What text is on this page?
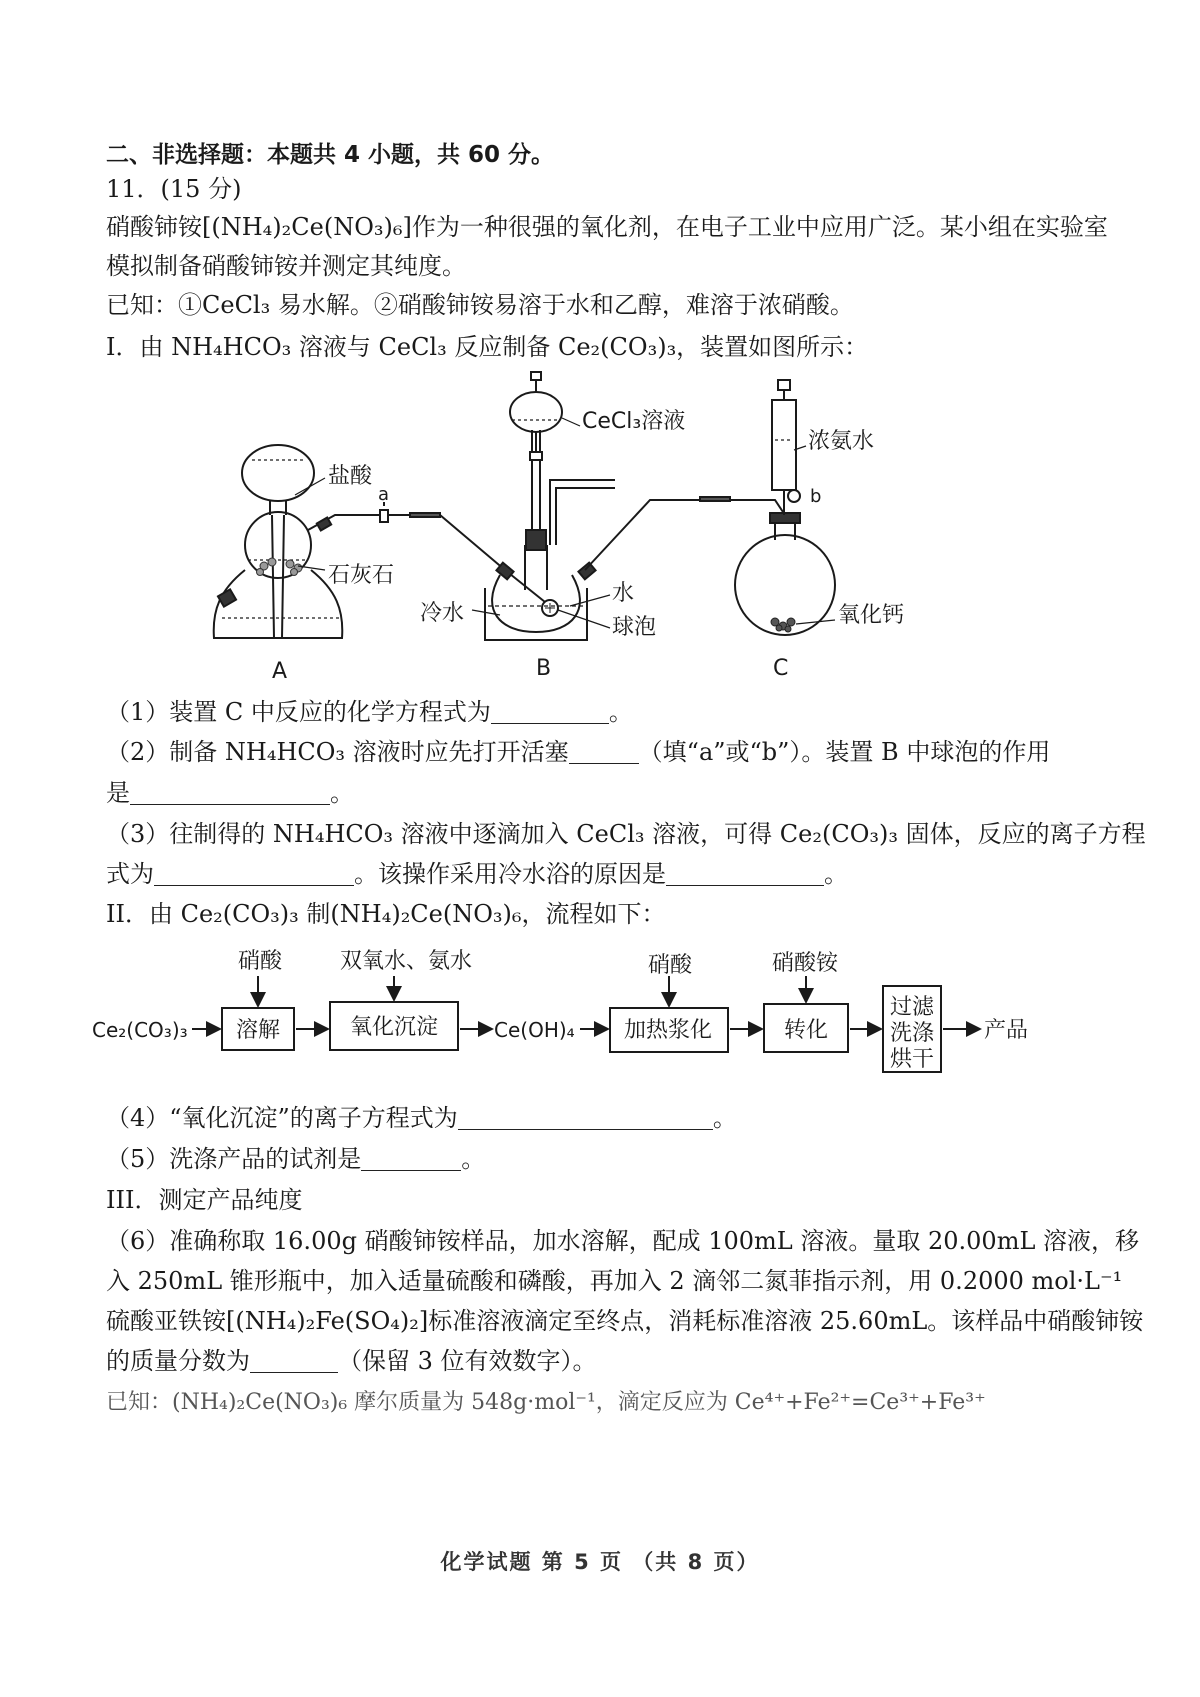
二、非选择题：本题共 4 小题，共 60 分。
11．(15 分)
硝酸铈铵[(NH₄)₂Ce(NO₃)₆]作为一种很强的氧化剂，在电子工业中应用广泛。某小组在实验室
模拟制备硝酸铈铵并测定其纯度。
已知：①CeCl₃ 易水解。②硝酸铈铵易溶于水和乙醇，难溶于浓硝酸。
I．由 NH₄HCO₃ 溶液与 CeCl₃ 反应制备 Ce₂(CO₃)₃，装置如图所示：
盐酸
a
石灰石
CeCl₃溶液
冷水
水
球泡
浓氨水
b
氧化钙
A	B	C
（1）装置 C 中反应的化学方程式为	。
（2）制备 NH₄HCO₃ 溶液时应先打开活塞	（填“a”或“b”）。装置 B 中球泡的作用
是	。
（3）往制得的 NH₄HCO₃ 溶液中逐滴加入 CeCl₃ 溶液，可得 Ce₂(CO₃)₃ 固体，反应的离子方程
式为	。该操作采用冷水浴的原因是	。
II．由 Ce₂(CO₃)₃ 制(NH₄)₂Ce(NO₃)₆，流程如下：
Ce₂(CO₃)₃
硝酸
溶解
双氧水、氨水
氧化沉淀	Ce(OH)₄
硝酸
加热浆化
硝酸铵
转化
过滤
洗涤
烘干
产品
（4）“氧化沉淀”的离子方程式为	。
（5）洗涤产品的试剂是	。
III．测定产品纯度
（6）准确称取 16.00g 硝酸铈铵样品，加水溶解，配成 100mL 溶液。量取 20.00mL 溶液，移
入 250mL 锥形瓶中，加入适量硫酸和磷酸，再加入 2 滴邻二氮菲指示剂，用 0.2000 mol·L⁻¹
硫酸亚铁铵[(NH₄)₂Fe(SO₄)₂]标准溶液滴定至终点，消耗标准溶液 25.60mL。该样品中硝酸铈铵
的质量分数为	（保留 3 位有效数字）。
已知：(NH₄)₂Ce(NO₃)₆ 摩尔质量为 548g·mol⁻¹，滴定反应为 Ce⁴⁺+Fe²⁺=Ce³⁺+Fe³⁺
化学试题 第 5 页 （共 8 页）
